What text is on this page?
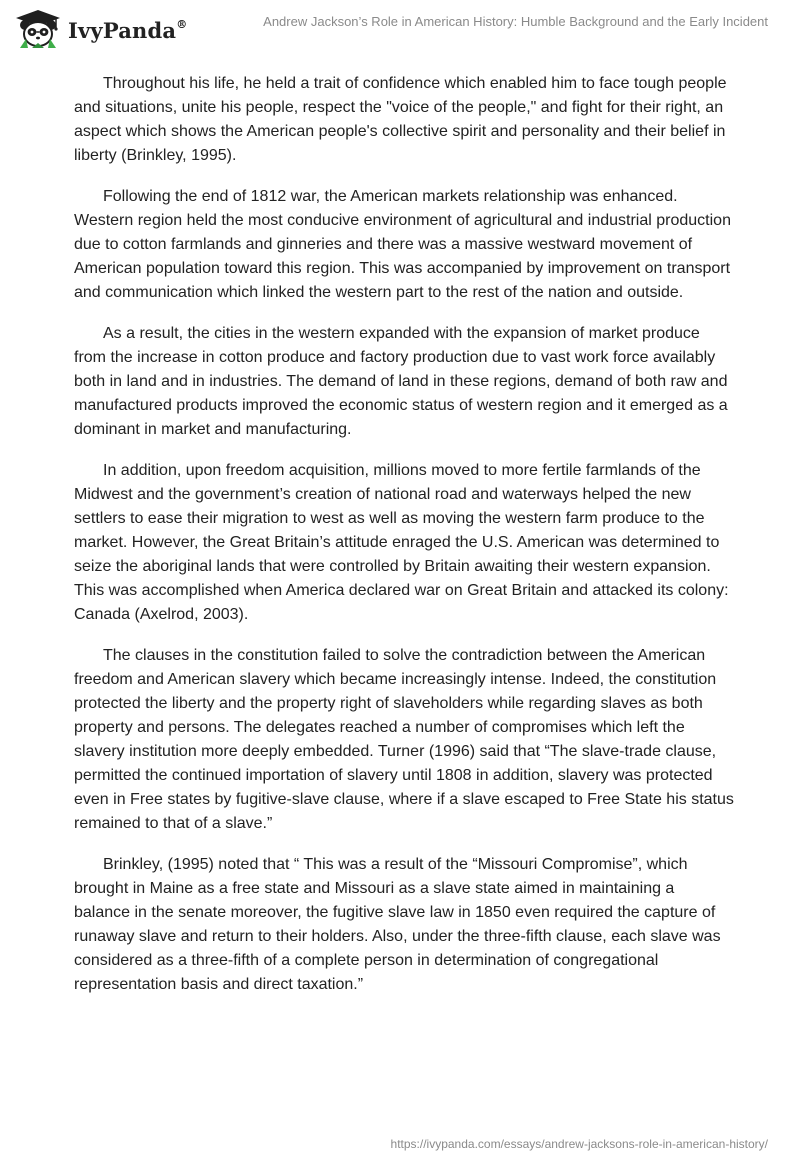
IvyPanda®	Andrew Jackson’s Role in American History: Humble Background and the Early Incident

Throughout his life, he held a trait of confidence which enabled him to face tough people and situations, unite his people, respect the "voice of the people," and fight for their right, an aspect which shows the American people's collective spirit and personality and their belief in liberty (Brinkley, 1995).

Following the end of 1812 war, the American markets relationship was enhanced. Western region held the most conducive environment of agricultural and industrial production due to cotton farmlands and ginneries and there was a massive westward movement of American population toward this region. This was accompanied by improvement on transport and communication which linked the western part to the rest of the nation and outside.

As a result, the cities in the western expanded with the expansion of market produce from the increase in cotton produce and factory production due to vast work force availably both in land and in industries. The demand of land in these regions, demand of both raw and manufactured products improved the economic status of western region and it emerged as a dominant in market and manufacturing.

In addition, upon freedom acquisition, millions moved to more fertile farmlands of the Midwest and the government’s creation of national road and waterways helped the new settlers to ease their migration to west as well as moving the western farm produce to the market. However, the Great Britain’s attitude enraged the U.S. American was determined to seize the aboriginal lands that were controlled by Britain awaiting their western expansion. This was accomplished when America declared war on Great Britain and attacked its colony: Canada (Axelrod, 2003).

The clauses in the constitution failed to solve the contradiction between the American freedom and American slavery which became increasingly intense. Indeed, the constitution protected the liberty and the property right of slaveholders while regarding slaves as both property and persons. The delegates reached a number of compromises which left the slavery institution more deeply embedded. Turner (1996) said that “The slave-trade clause, permitted the continued importation of slavery until 1808 in addition, slavery was protected even in Free states by fugitive-slave clause, where if a slave escaped to Free State his status remained to that of a slave.”

Brinkley, (1995) noted that “ This was a result of the “Missouri Compromise”, which brought in Maine as a free state and Missouri as a slave state aimed in maintaining a balance in the senate moreover, the fugitive slave law in 1850 even required the capture of runaway slave and return to their holders. Also, under the three-fifth clause, each slave was considered as a three-fifth of a complete person in determination of congregational representation basis and direct taxation.”

https://ivypanda.com/essays/andrew-jacksons-role-in-american-history/
